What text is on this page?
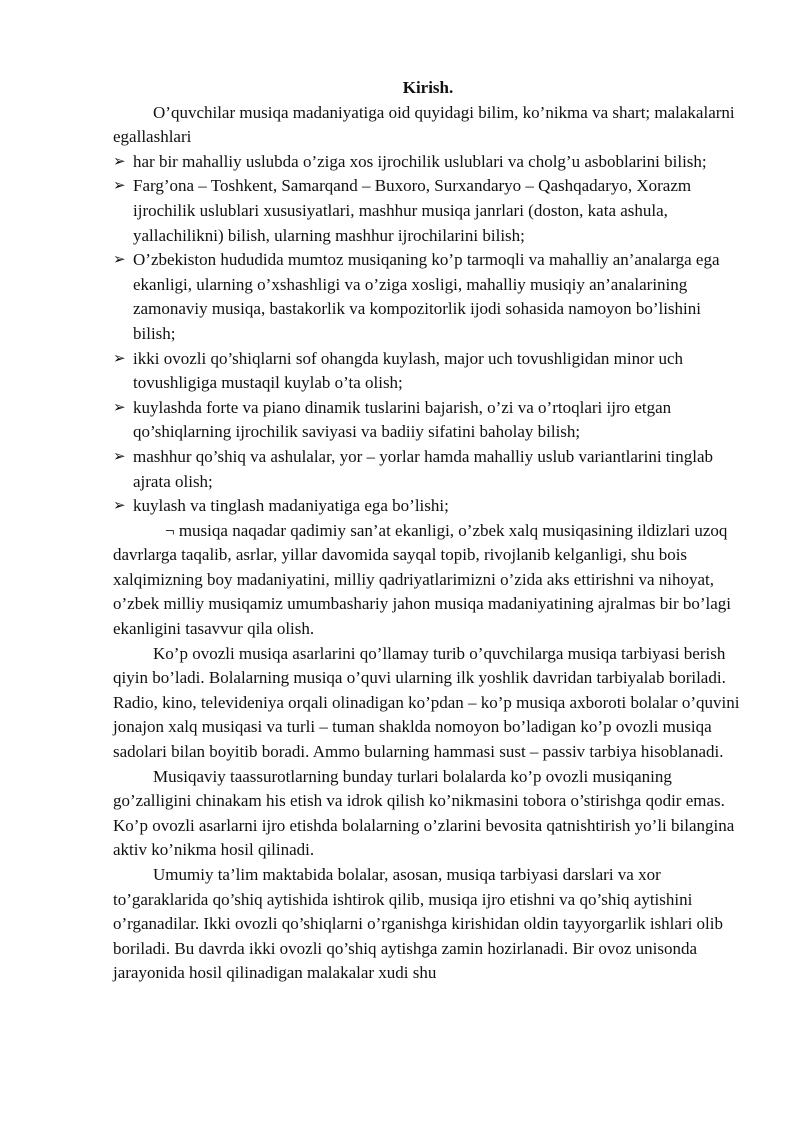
Kirish.

O’quvchilar musiqa madaniyatiga oid quyidagi bilim, ko’nikma va shart; malakalarni egallashlari

➢ har bir mahalliy uslubda o’ziga xos ijrochilik uslublari va cholg’u asboblarini bilish;
➢ Farg’ona – Toshkent, Samarqand – Buxoro, Surxandaryo – Qashqadaryo, Xorazm ijrochilik uslublari xususiyatlari, mashhur musiqa janrlari (doston, kata ashula, yallachilikni) bilish, ularning mashhur ijrochilarini bilish;
➢ O’zbekiston hududida mumtoz musiqaning ko’p tarmoqli va mahalliy an’analarga ega ekanligi, ularning o’xshashligi va o’ziga xosligi, mahalliy musiqiy an’analarining zamonaviy musiqa, bastakorlik va kompozitorlik ijodi sohasida namoyon bo’lishini bilish;
➢ ikki ovozli qo’shiqlarni sof ohangda kuylash, major uch tovushligidan minor uch tovushligiga mustaqil kuylab o’ta olish;
➢ kuylashda forte va piano dinamik tuslarini bajarish, o’zi va o’rtoqlari ijro etgan qo’shiqlarning ijrochilik saviyasi va badiiy sifatini baholay bilish;
➢ mashhur qo’shiq va ashulalar, yor – yorlar hamda mahalliy uslub variantlarini tinglab ajrata olish;
➢ kuylash va tinglash madaniyatiga ega bo’lishi;

¬ musiqa naqadar qadimiy san’at ekanligi, o’zbek xalq musiqasining ildizlari uzoq davrlarga taqalib, asrlar, yillar davomida sayqal topib, rivojlanib kelganligi, shu bois xalqimizning boy madaniyatini, milliy qadriyatlarimizni o’zida aks ettirishni va nihoyat, o’zbek milliy musiqamiz umumbashariy jahon musiqa madaniyatining ajralmas bir bo’lagi ekanligini tasavvur qila olish.

Ko’p ovozli musiqa asarlarini qo’llamay turib o’quvchilarga musiqa tarbiyasi berish qiyin bo’ladi. Bolalarning musiqa o’quvi ularning ilk yoshlik davridan tarbiyalab boriladi. Radio, kino, televideniya orqali olinadigan ko’pdan – ko’p musiqa axboroti bolalar o’quvini jonajon xalq musiqasi va turli – tuman shaklda nomoyon bo’ladigan ko’p ovozli musiqa sadolari bilan boyitib boradi. Ammo bularning hammasi sust – passiv tarbiya hisoblanadi.

Musiqaviy taassurotlarning bunday turlari bolalarda ko’p ovozli musiqaning go’zalligini chinakam his etish va idrok qilish ko’nikmasini tobora o’stirishga qodir emas. Ko’p ovozli asarlarni ijro etishda bolalarning o’zlarini bevosita qatnishtirish yo’li bilangina aktiv ko’nikma hosil qilinadi.

Umumiy ta’lim maktabida bolalar, asosan, musiqa tarbiyasi darslari va xor to’garaklarida qo’shiq aytishida ishtirok qilib, musiqa ijro etishni va qo’shiq aytishini o’rganadilar. Ikki ovozli qo’shiqlarni o’rganishga kirishidan oldin tayyorgarlik ishlari olib boriladi. Bu davrda ikki ovozli qo’shiq aytishga zamin hozirlanadi. Bir ovoz unisonda jarayonida hosil qilinadigan malakalar xudi shu
